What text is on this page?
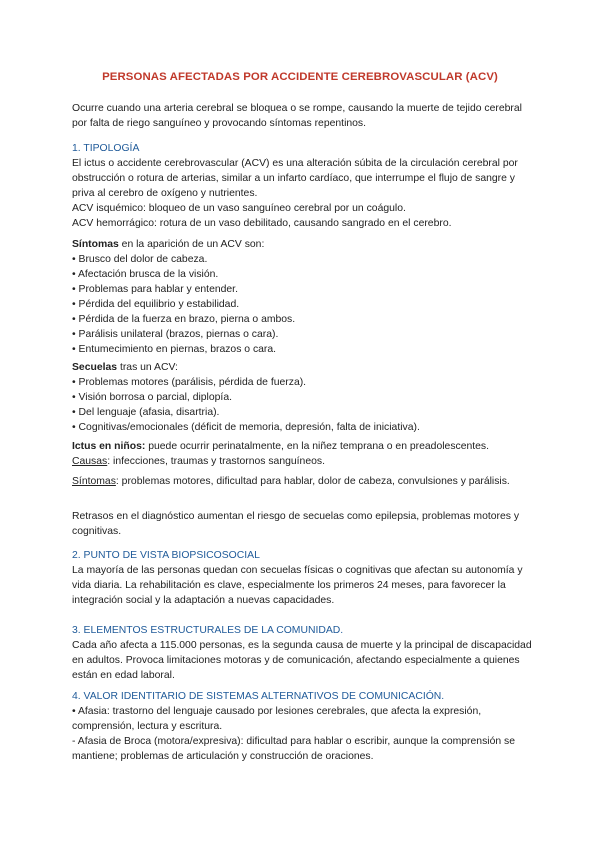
PERSONAS AFECTADAS POR ACCIDENTE CEREBROVASCULAR (ACV)

Ocurre cuando una arteria cerebral se bloquea o se rompe, causando la muerte de tejido cerebral por falta de riego sanguíneo y provocando síntomas repentinos.

1. TIPOLOGÍA

El ictus o accidente cerebrovascular (ACV) es una alteración súbita de la circulación cerebral por obstrucción o rotura de arterias, similar a un infarto cardíaco, que interrumpe el flujo de sangre y priva al cerebro de oxígeno y nutrientes.

ACV isquémico: bloqueo de un vaso sanguíneo cerebral por un coágulo.

ACV hemorrágico: rotura de un vaso debilitado, causando sangrado en el cerebro.

Síntomas en la aparición de un ACV son:

• Brusco del dolor de cabeza.
• Afectación brusca de la visión.
• Problemas para hablar y entender.
• Pérdida del equilibrio y estabilidad.
• Pérdida de la fuerza en brazo, pierna o ambos.
• Parálisis unilateral (brazos, piernas o cara).
• Entumecimiento en piernas, brazos o cara.

Secuelas tras un ACV:

• Problemas motores (parálisis, pérdida de fuerza).
• Visión borrosa o parcial, diplopía.
• Del lenguaje (afasia, disartria).
• Cognitivas/emocionales (déficit de memoria, depresión, falta de iniciativa).

Ictus en niños: puede ocurrir perinatalmente, en la niñez temprana o en preadolescentes.

Causas: infecciones, traumas y trastornos sanguíneos.

Síntomas: problemas motores, dificultad para hablar, dolor de cabeza, convulsiones y parálisis.

Retrasos en el diagnóstico aumentan el riesgo de secuelas como epilepsia, problemas motores y cognitivas.

2. PUNTO DE VISTA BIOPSICOSOCIAL

La mayoría de las personas quedan con secuelas físicas o cognitivas que afectan su autonomía y vida diaria. La rehabilitación es clave, especialmente los primeros 24 meses, para favorecer la integración social y la adaptación a nuevas capacidades.

3. ELEMENTOS ESTRUCTURALES DE LA COMUNIDAD.

Cada año afecta a 115.000 personas, es la segunda causa de muerte y la principal de discapacidad en adultos. Provoca limitaciones motoras y de comunicación, afectando especialmente a quienes están en edad laboral.

4. VALOR IDENTITARIO DE SISTEMAS ALTERNATIVOS DE COMUNICACIÓN.

• Afasia: trastorno del lenguaje causado por lesiones cerebrales, que afecta la expresión, comprensión, lectura y escritura.

- Afasia de Broca (motora/expresiva): dificultad para hablar o escribir, aunque la comprensión se mantiene; problemas de articulación y construcción de oraciones.
